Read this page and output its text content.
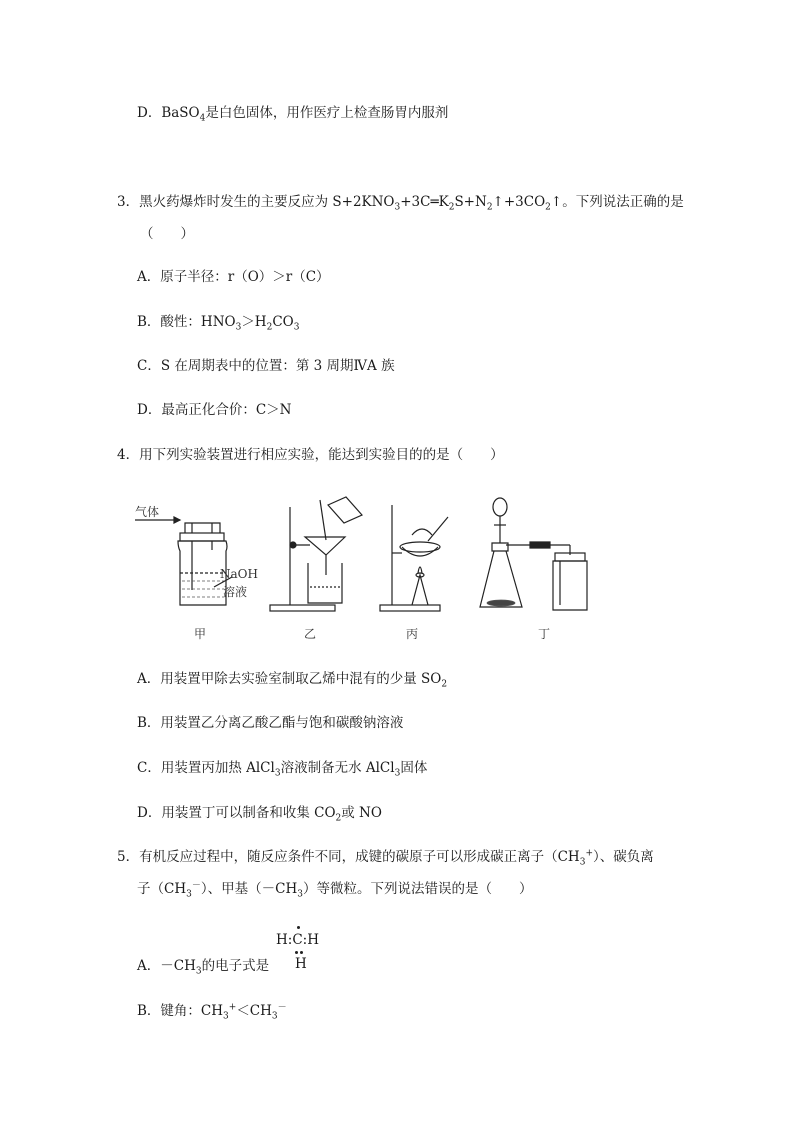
D．BaSO$_4$是白色固体，用作医疗上检查肠胃内服剂
3．黑火药爆炸时发生的主要反应为 $S+2KNO_3+3C═K_2S+N_2↑+3CO_2↑$。下列说法正确的是
（　　）
A．原子半径：r（O）＞r（C）
B．酸性：$HNO_3>H_2CO_3$
C．S 在周期表中的位置：第 3 周期ⅣA 族
D．最高正化合价：C＞N
4．用下列实验装置进行相应实验，能达到实验目的的是（　　）
气体
NaOH
溶液
甲	乙	丙	丁
A．用装置甲除去实验室制取乙烯中混有的少量 $SO_2$
B．用装置乙分离乙酸乙酯与饱和碳酸钠溶液
C．用装置丙加热 AlCl$_3$溶液制备无水 AlCl$_3$固体
D．用装置丁可以制备和收集 $CO_2$或 NO
5．有机反应过程中，随反应条件不同，成键的碳原子可以形成碳正离子$(CH_3^+)$、碳负离
子$(CH_3^-)$、甲基$(-CH_3)$等微粒。下列说法错误的是（　　）
H:C:H
H
A．$-CH_3$的电子式是
B．键角：$CH_3^+<CH_3^-$
